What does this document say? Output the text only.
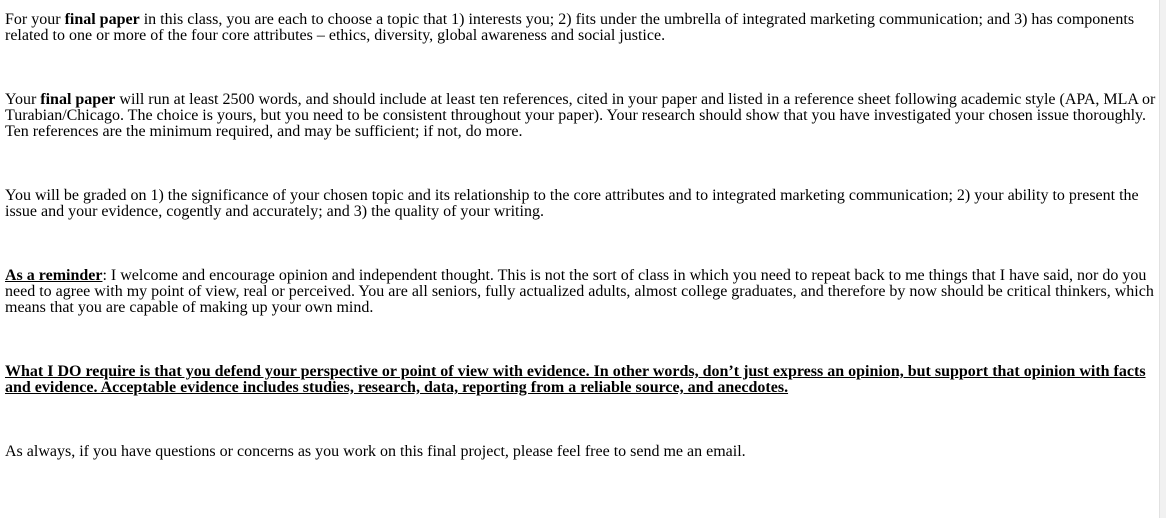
For your final paper in this class, you are each to choose a topic that 1) interests you; 2) fits under the umbrella of integrated marketing communication; and 3) has components related to one or more of the four core attributes – ethics, diversity, global awareness and social justice.

Your final paper will run at least 2500 words, and should include at least ten references, cited in your paper and listed in a reference sheet following academic style (APA, MLA or Turabian/Chicago. The choice is yours, but you need to be consistent throughout your paper). Your research should show that you have investigated your chosen issue thoroughly. Ten references are the minimum required, and may be sufficient; if not, do more.

You will be graded on 1) the significance of your chosen topic and its relationship to the core attributes and to integrated marketing communication; 2) your ability to present the issue and your evidence, cogently and accurately; and 3) the quality of your writing.

As a reminder: I welcome and encourage opinion and independent thought. This is not the sort of class in which you need to repeat back to me things that I have said, nor do you need to agree with my point of view, real or perceived. You are all seniors, fully actualized adults, almost college graduates, and therefore by now should be critical thinkers, which means that you are capable of making up your own mind.

What I DO require is that you defend your perspective or point of view with evidence. In other words, don’t just express an opinion, but support that opinion with facts and evidence. Acceptable evidence includes studies, research, data, reporting from a reliable source, and anecdotes.

As always, if you have questions or concerns as you work on this final project, please feel free to send me an email.
